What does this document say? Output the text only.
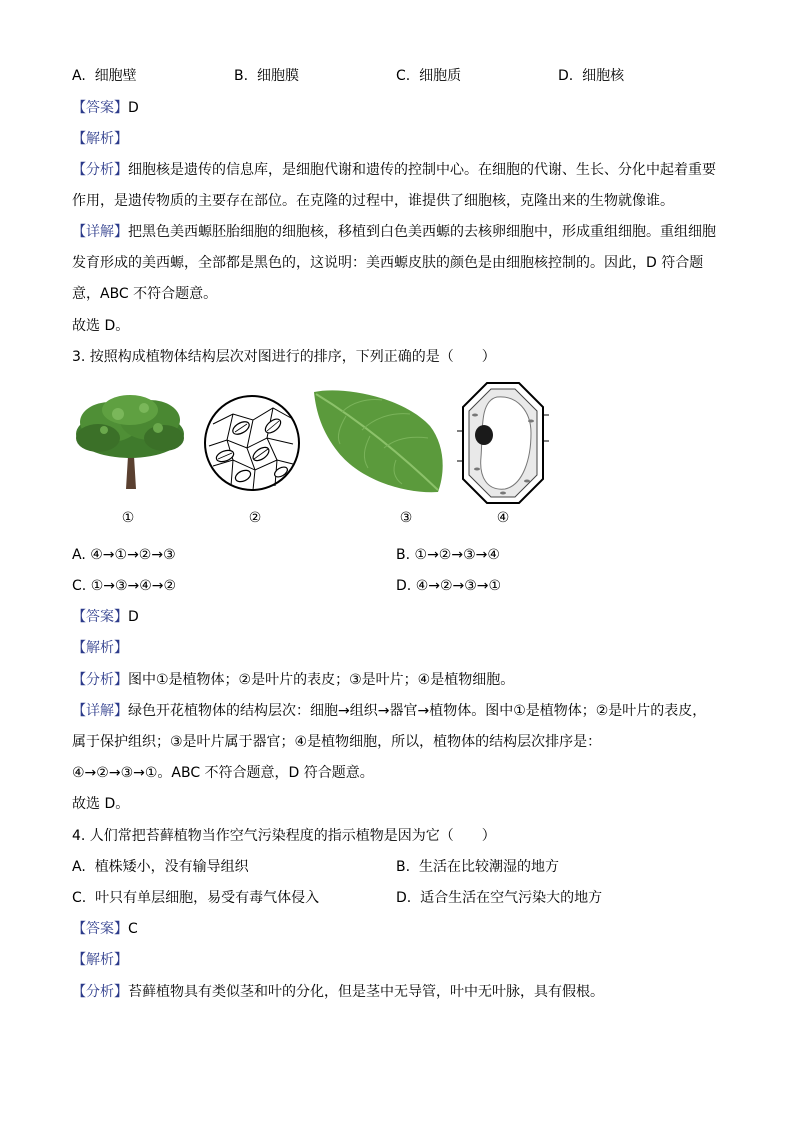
A. 细胞壁	B. 细胞膜	C. 细胞质	D. 细胞核
【答案】D
【解析】
【分析】细胞核是遗传的信息库，是细胞代谢和遗传的控制中心。在细胞的代谢、生长、分化中起着重要
作用，是遗传物质的主要存在部位。在克隆的过程中，谁提供了细胞核，克隆出来的生物就像谁。
【详解】把黑色美西螈胚胎细胞的细胞核，移植到白色美西螈的去核卵细胞中，形成重组细胞。重组细胞
发育形成的美西螈，全部都是黑色的，这说明：美西螈皮肤的颜色是由细胞核控制的。因此，D 符合题
意，ABC 不符合题意。
故选 D。
3. 按照构成植物体结构层次对图进行的排序，下列正确的是（　　）
①	②	③	④
A. ④→①→②→③	B. ①→②→③→④
C. ①→③→④→②	D. ④→②→③→①
【答案】D
【解析】
【分析】图中①是植物体；②是叶片的表皮；③是叶片；④是植物细胞。
【详解】绿色开花植物体的结构层次：细胞→组织→器官→植物体。图中①是植物体；②是叶片的表皮，
属于保护组织；③是叶片属于器官；④是植物细胞，所以，植物体的结构层次排序是：
④→②→③→①。ABC 不符合题意，D 符合题意。
故选 D。
4. 人们常把苔藓植物当作空气污染程度的指示植物是因为它（　　）
A. 植株矮小，没有输导组织	B. 生活在比较潮湿的地方
C. 叶只有单层细胞，易受有毒气体侵入	D. 适合生活在空气污染大的地方
【答案】C
【解析】
【分析】苔藓植物具有类似茎和叶的分化，但是茎中无导管，叶中无叶脉，具有假根。
